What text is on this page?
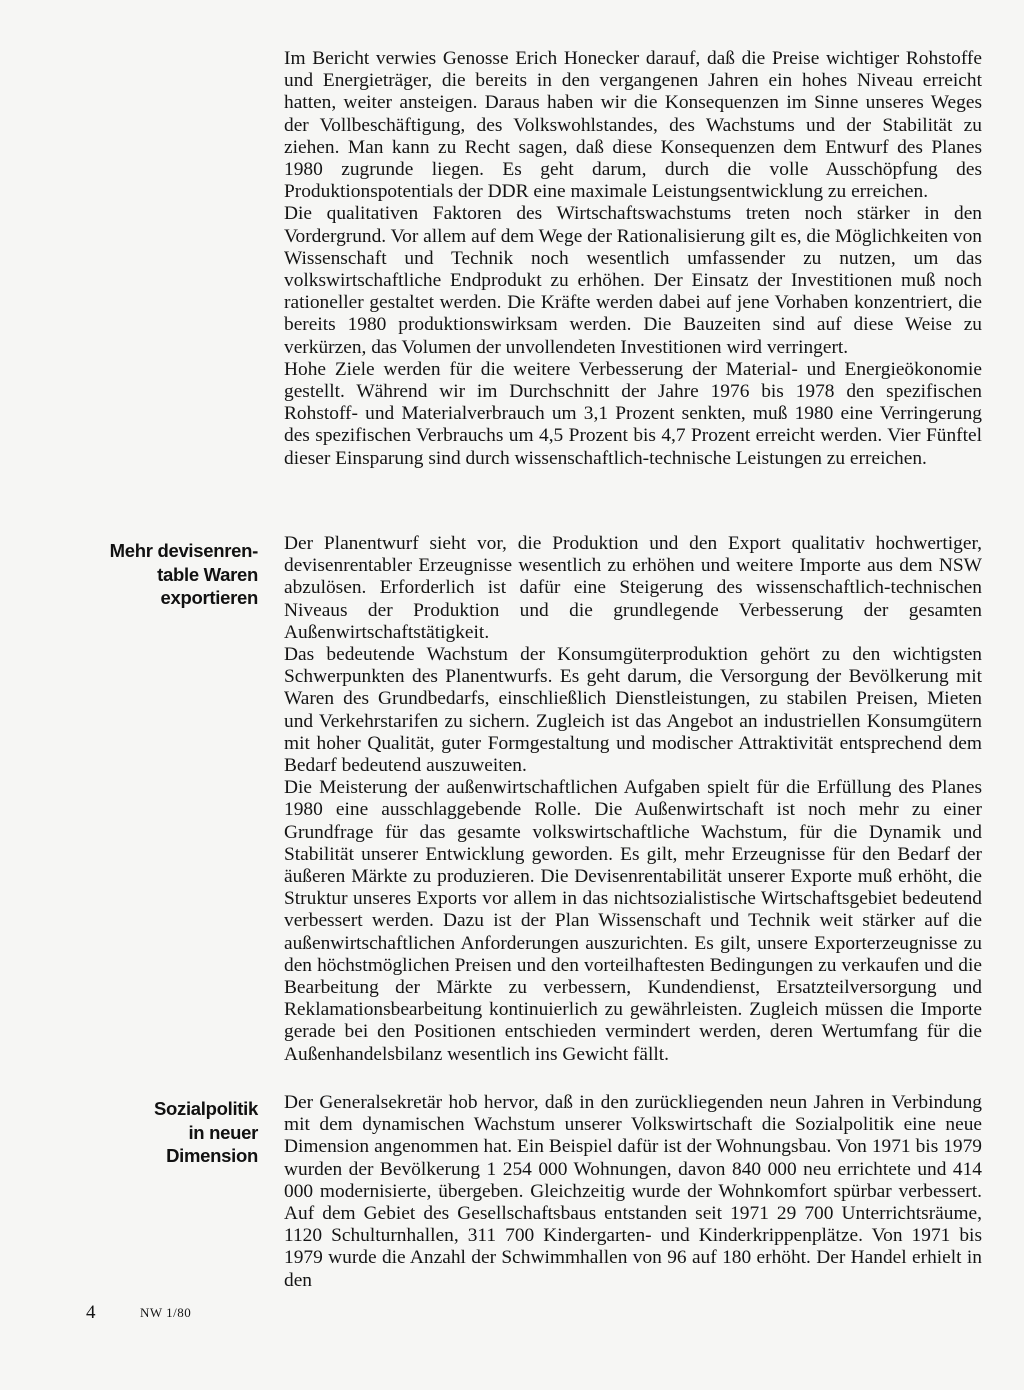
Im Bericht verwies Genosse Erich Honecker darauf, daß die Preise wichtiger Rohstoffe und Energieträger, die bereits in den vergangenen Jahren ein hohes Niveau erreicht hatten, weiter ansteigen. Daraus haben wir die Konsequenzen im Sinne unseres Weges der Vollbeschäftigung, des Volkswohlstandes, des Wachstums und der Stabilität zu ziehen. Man kann zu Recht sagen, daß diese Konsequenzen dem Entwurf des Planes 1980 zugrunde liegen. Es geht darum, durch die volle Ausschöpfung des Produktionspotentials der DDR eine maximale Leistungsentwicklung zu erreichen.

Die qualitativen Faktoren des Wirtschaftswachstums treten noch stärker in den Vordergrund. Vor allem auf dem Wege der Rationalisierung gilt es, die Möglichkeiten von Wissenschaft und Technik noch wesentlich umfassender zu nutzen, um das volkswirtschaftliche Endprodukt zu erhöhen. Der Einsatz der Investitionen muß noch rationeller gestaltet werden. Die Kräfte werden dabei auf jene Vorhaben konzentriert, die bereits 1980 produktionswirksam werden. Die Bauzeiten sind auf diese Weise zu verkürzen, das Volumen der unvollendeten Investitionen wird verringert.

Hohe Ziele werden für die weitere Verbesserung der Material- und Energieökonomie gestellt. Während wir im Durchschnitt der Jahre 1976 bis 1978 den spezifischen Rohstoff- und Materialverbrauch um 3,1 Prozent senkten, muß 1980 eine Verringerung des spezifischen Verbrauchs um 4,5 Prozent bis 4,7 Prozent erreicht werden. Vier Fünftel dieser Einsparung sind durch wissenschaftlich-technische Leistungen zu erreichen.

Mehr devisenren-
table Waren
exportieren

Der Planentwurf sieht vor, die Produktion und den Export qualitativ hochwertiger, devisenrentabler Erzeugnisse wesentlich zu erhöhen und weitere Importe aus dem NSW abzulösen. Erforderlich ist dafür eine Steigerung des wissenschaftlich-technischen Niveaus der Produktion und die grundlegende Verbesserung der gesamten Außenwirtschaftstätigkeit.

Das bedeutende Wachstum der Konsumgüterproduktion gehört zu den wichtigsten Schwerpunkten des Planentwurfs. Es geht darum, die Versorgung der Bevölkerung mit Waren des Grundbedarfs, einschließlich Dienstleistungen, zu stabilen Preisen, Mieten und Verkehrstarifen zu sichern. Zugleich ist das Angebot an industriellen Konsumgütern mit hoher Qualität, guter Formgestaltung und modischer Attraktivität entsprechend dem Bedarf bedeutend auszuweiten.

Die Meisterung der außenwirtschaftlichen Aufgaben spielt für die Erfüllung des Planes 1980 eine ausschlaggebende Rolle. Die Außenwirtschaft ist noch mehr zu einer Grundfrage für das gesamte volkswirtschaftliche Wachstum, für die Dynamik und Stabilität unserer Entwicklung geworden. Es gilt, mehr Erzeugnisse für den Bedarf der äußeren Märkte zu produzieren. Die Devisenrentabilität unserer Exporte muß erhöht, die Struktur unseres Exports vor allem in das nichtsozialistische Wirtschaftsgebiet bedeutend verbessert werden. Dazu ist der Plan Wissenschaft und Technik weit stärker auf die außenwirtschaftlichen Anforderungen auszurichten. Es gilt, unsere Exporterzeugnisse zu den höchstmöglichen Preisen und den vorteilhaftesten Bedingungen zu verkaufen und die Bearbeitung der Märkte zu verbessern, Kundendienst, Ersatzteilversorgung und Reklamationsbearbeitung kontinuierlich zu gewährleisten. Zugleich müssen die Importe gerade bei den Positionen entschieden vermindert werden, deren Wertumfang für die Außenhandelsbilanz wesentlich ins Gewicht fällt.

Sozialpolitik
in neuer
Dimension

Der Generalsekretär hob hervor, daß in den zurückliegenden neun Jahren in Verbindung mit dem dynamischen Wachstum unserer Volkswirtschaft die Sozialpolitik eine neue Dimension angenommen hat. Ein Beispiel dafür ist der Wohnungsbau. Von 1971 bis 1979 wurden der Bevölkerung 1 254 000 Wohnungen, davon 840 000 neu errichtete und 414 000 modernisierte, übergeben. Gleichzeitig wurde der Wohnkomfort spürbar verbessert. Auf dem Gebiet des Gesellschaftsbaus entstanden seit 1971 29 700 Unterrichtsräume, 1120 Schulturnhallen, 311 700 Kindergarten- und Kinderkrippenplätze. Von 1971 bis 1979 wurde die Anzahl der Schwimmhallen von 96 auf 180 erhöht. Der Handel erhielt in den

4	NW 1/80
